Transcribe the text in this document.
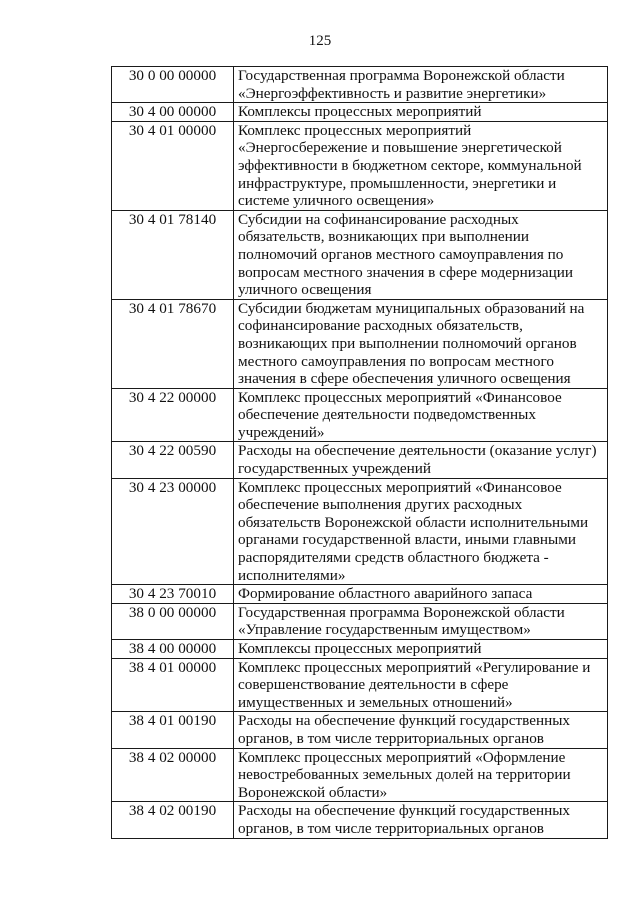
125
30 0 00 00000	Государственная программа Воронежской области «Энергоэффективность и развитие энергетики»
30 4 00 00000	Комплексы процессных мероприятий
30 4 01 00000	Комплекс процессных мероприятий «Энергосбережение и повышение энергетической эффективности в бюджетном секторе, коммунальной инфраструктуре, промышленности, энергетики и системе уличного освещения»
30 4 01 78140	Субсидии на софинансирование расходных обязательств, возникающих при выполнении полномочий органов местного самоуправления по вопросам местного значения в сфере модернизации уличного освещения
30 4 01 78670	Субсидии бюджетам муниципальных образований на софинансирование расходных обязательств, возникающих при выполнении полномочий органов местного самоуправления по вопросам местного значения в сфере обеспечения уличного освещения
30 4 22 00000	Комплекс процессных мероприятий «Финансовое обеспечение деятельности подведомственных учреждений»
30 4 22 00590	Расходы на обеспечение деятельности (оказание услуг) государственных учреждений
30 4 23 00000	Комплекс процессных мероприятий «Финансовое обеспечение выполнения других расходных обязательств Воронежской области исполнительными органами государственной власти, иными главными распорядителями средств областного бюджета - исполнителями»
30 4 23 70010	Формирование областного аварийного запаса
38 0 00 00000	Государственная программа Воронежской области «Управление государственным имуществом»
38 4 00 00000	Комплексы процессных мероприятий
38 4 01 00000	Комплекс процессных мероприятий «Регулирование и совершенствование деятельности в сфере имущественных и земельных отношений»
38 4 01 00190	Расходы на обеспечение функций государственных органов, в том числе территориальных органов
38 4 02 00000	Комплекс процессных мероприятий «Оформление невостребованных земельных долей на территории Воронежской области»
38 4 02 00190	Расходы на обеспечение функций государственных органов, в том числе территориальных органов
